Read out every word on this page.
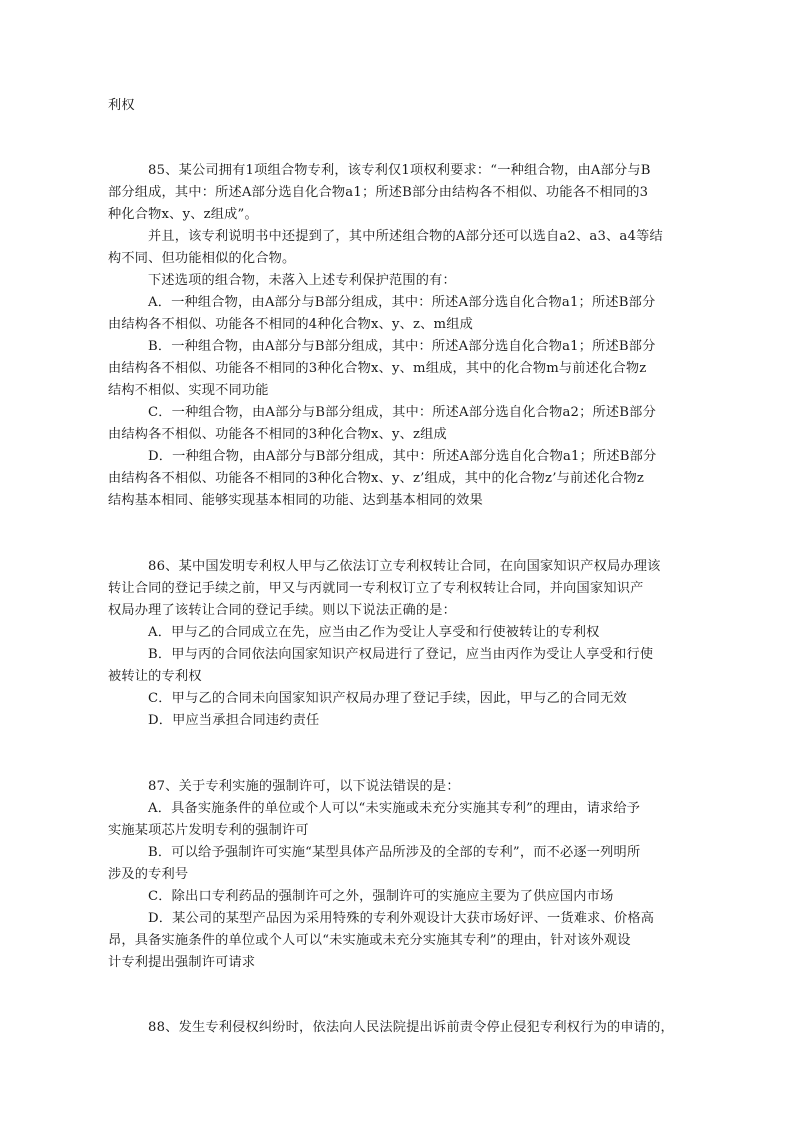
利权
85、某公司拥有1项组合物专利，该专利仅1项权利要求：“一种组合物，由A部分与B
部分组成，其中：所述A部分选自化合物a1；所述B部分由结构各不相似、功能各不相同的3
种化合物x、y、z组成”。
并且，该专利说明书中还提到了，其中所述组合物的A部分还可以选自a2、a3、a4等结
构不同、但功能相似的化合物。
下述选项的组合物，未落入上述专利保护范围的有：
A．一种组合物，由A部分与B部分组成，其中：所述A部分选自化合物a1；所述B部分
由结构各不相似、功能各不相同的4种化合物x、y、z、m组成
B．一种组合物，由A部分与B部分组成，其中：所述A部分选自化合物a1；所述B部分
由结构各不相似、功能各不相同的3种化合物x、y、m组成，其中的化合物m与前述化合物z
结构不相似、实现不同功能
C．一种组合物，由A部分与B部分组成，其中：所述A部分选自化合物a2；所述B部分
由结构各不相似、功能各不相同的3种化合物x、y、z组成
D．一种组合物，由A部分与B部分组成，其中：所述A部分选自化合物a1；所述B部分
由结构各不相似、功能各不相同的3种化合物x、y、z’组成，其中的化合物z’与前述化合物z
结构基本相同、能够实现基本相同的功能、达到基本相同的效果
86、某中国发明专利权人甲与乙依法订立专利权转让合同，在向国家知识产权局办理该
转让合同的登记手续之前，甲又与丙就同一专利权订立了专利权转让合同，并向国家知识产
权局办理了该转让合同的登记手续。则以下说法正确的是：
A．甲与乙的合同成立在先，应当由乙作为受让人享受和行使被转让的专利权
B．甲与丙的合同依法向国家知识产权局进行了登记，应当由丙作为受让人享受和行使
被转让的专利权
C．甲与乙的合同未向国家知识产权局办理了登记手续，因此，甲与乙的合同无效
D．甲应当承担合同违约责任
87、关于专利实施的强制许可，以下说法错误的是：
A．具备实施条件的单位或个人可以“未实施或未充分实施其专利”的理由，请求给予
实施某项芯片发明专利的强制许可
B．可以给予强制许可实施“某型具体产品所涉及的全部的专利”，而不必逐一列明所
涉及的专利号
C．除出口专利药品的强制许可之外，强制许可的实施应主要为了供应国内市场
D．某公司的某型产品因为采用特殊的专利外观设计大获市场好评、一货难求、价格高
昂，具备实施条件的单位或个人可以“未实施或未充分实施其专利”的理由，针对该外观设
计专利提出强制许可请求
88、发生专利侵权纠纷时，依法向人民法院提出诉前责令停止侵犯专利权行为的申请的，
